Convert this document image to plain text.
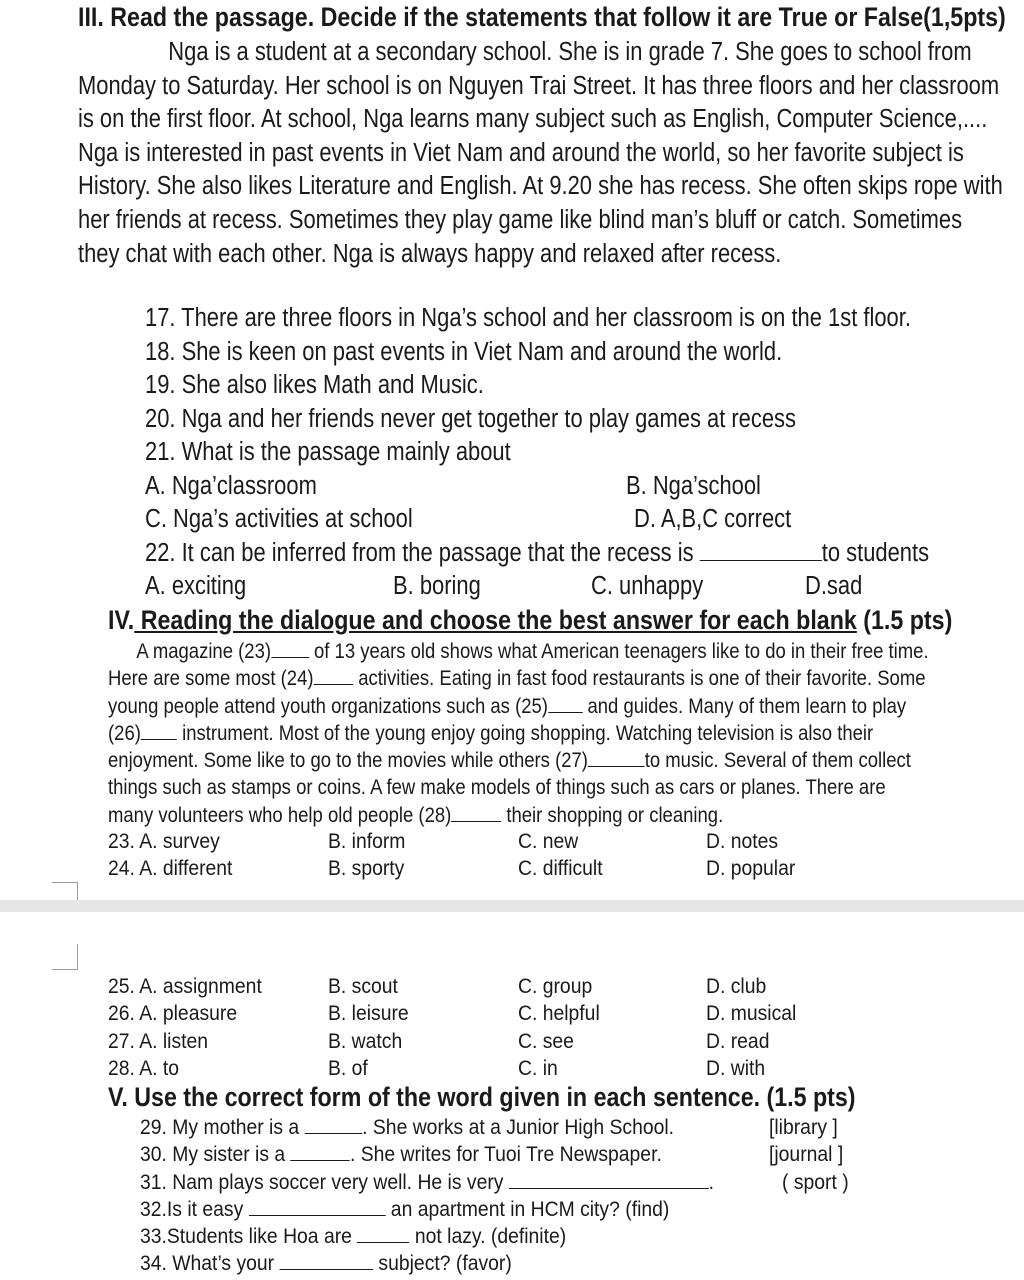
III. Read the passage. Decide if the statements that follow it are True or False(1,5pts)
Nga is a student at a secondary school. She is in grade 7. She goes to school from
Monday to Saturday. Her school is on Nguyen Trai Street. It has three floors and her classroom
is on the first floor. At school, Nga learns many subject such as English, Computer Science,....
Nga is interested in past events in Viet Nam and around the world, so her favorite subject is
History. She also likes Literature and English. At 9.20 she has recess. She often skips rope with
her friends at recess. Sometimes they play game like blind man’s bluff or catch. Sometimes
they chat with each other. Nga is always happy and relaxed after recess.
17. There are three floors in Nga’s school and her classroom is on the 1st floor.
18. She is keen on past events in Viet Nam and around the world.
19. She also likes Math and Music.
20. Nga and her friends never get together to play games at recess
21. What is the passage mainly about
A. Nga’classroom	B. Nga’school
C. Nga’s activities at school	D. A,B,C correct
22. It can be inferred from the passage that the recess is	to students
A. exciting	B. boring	C. unhappy	D.sad
IV. Reading the dialogue and choose the best answer for each blank (1.5 pts)
A magazine (23) of 13 years old shows what American teenagers like to do in their free time.
Here are some most (24) activities. Eating in fast food restaurants is one of their favorite. Some
young people attend youth organizations such as (25) and guides. Many of them learn to play
(26) instrument. Most of the young enjoy going shopping. Watching television is also their
enjoyment. Some like to go to the movies while others (27)	to music. Several of them collect
things such as stamps or coins. A few make models of things such as cars or planes. There are
many volunteers who help old people (28) their shopping or cleaning.
23. A. survey	B. inform	C. new	D. notes
24. A. different	B. sporty	C. difficult	D. popular
25. A. assignment	B. scout	C. group	D. club
26. A. pleasure	B. leisure	C. helpful	D. musical
27. A. listen	B. watch	C. see	D. read
28. A. to	B. of	C. in	D. with
V. Use the correct form of the word given in each sentence. (1.5 pts)
29. My mother is a	. She works at a Junior High School.	[library ]
30. My sister is a	. She writes for Tuoi Tre Newspaper.	[journal ]
31. Nam plays soccer very well. He is very	.	( sport )
32.Is it easy	an apartment in HCM city? (find)
33.Students like Hoa are  not lazy. (definite)
34. What’s your	subject? (favor)
